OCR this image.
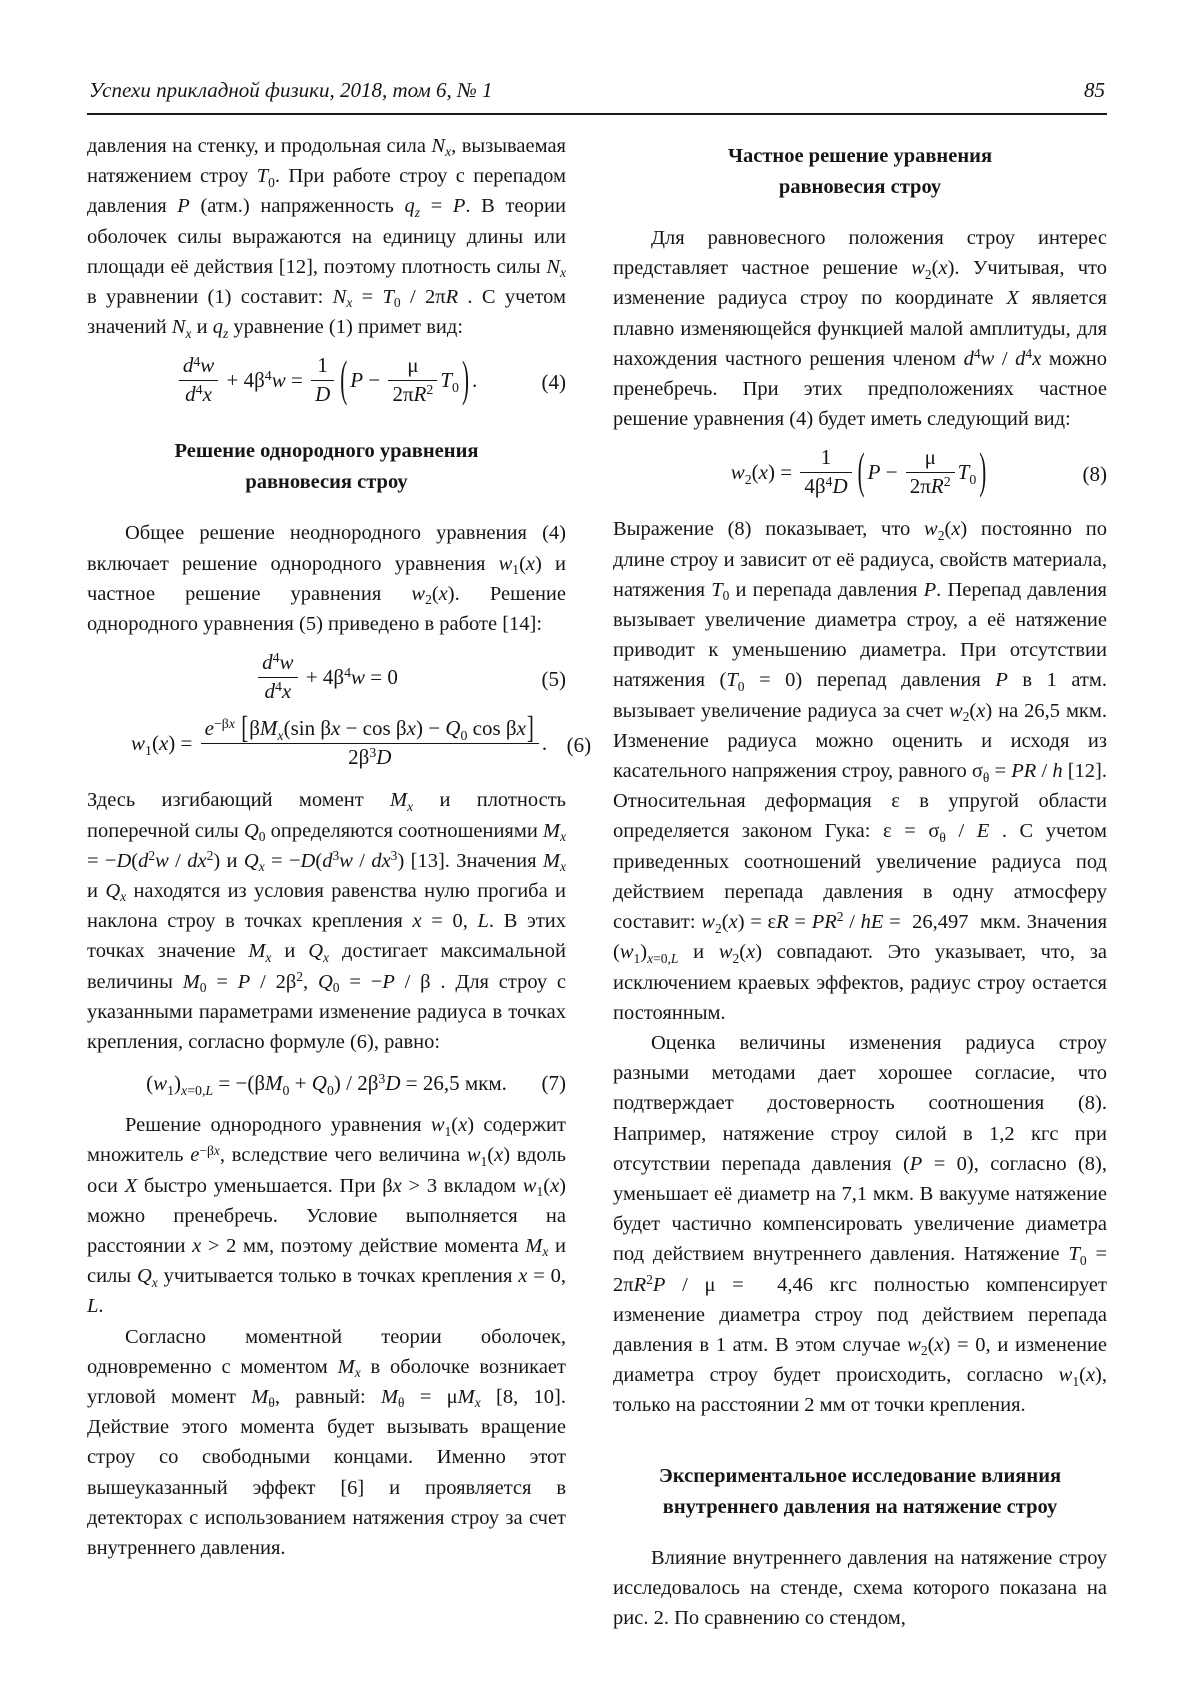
Успехи прикладной физики, 2018, том 6, № 1	85

давления на стенку, и продольная сила $N_x$, вызываемая натяжением строу $T_0$. При работе строу с перепадом давления P (атм.) напряженность $q_z = P$. В теории оболочек силы выражаются на единицу длины или площади её действия [12], поэтому плотность силы $N_x$ в уравнении (1) составит: $N_x = T_0 / 2\pi R$ . С учетом значений $N_x$ и $q_z$ уравнение (1) примет вид:

$\frac{d^4w}{d^4x} + 4\beta^4w = \frac{1}{D}$ ( $P - \frac{\mu}{2\pi R^2} T_0$ ) .	(4)
Решение однородного уравнения
равновесия строу

Общее решение неоднородного уравнения (4) включает решение однородного уравнения $w_1(x)$ и частное решение уравнения $w_2(x)$. Решение однородного уравнения (5) приведено в работе [14]:

$\frac{d^4w}{d^4x} + 4\beta^4w = 0$	(5)
$w_1(x)$ =
$e^{-\beta x}$ [$\beta M_x(\sin$ $\beta x - \cos \beta x) - Q_0$ cos βx]
$2\beta^3D$
. (6)

Здесь изгибающий момент $M_x$ и плотность поперечной силы $Q_0$ определяются соотношениями $M_x = -D(d^2w / dx^2)$ и $Q_x = -D(d^3w / dx^3)$ [13]. Значения $M_x$ и $Q_x$ находятся из условия равенства нулю прогиба и наклона строу в точках крепления x = 0, L. В этих точках значение $M_x$ и $Q_x$ достигает максимальной величины $M_0 = P / 2\beta^2$, $Q_0 = -P / \beta$ . Для строу с указанными параметрами изменение радиуса в точках крепления, согласно формуле (6), равно:

$(w_1)_{x=0,L} = -(\beta M_0 + Q_0) / 2\beta^3D = 26,5$ мкм.	(7)

Решение однородного уравнения $w_1(x)$ содержит множитель $e^{-\beta x}$, вследствие чего величина $w_1(x)$ вдоль оси X быстро уменьшается. При βx > 3 вкладом $w_1(x)$ можно пренебречь. Условие выполняется на расстоянии x > 2 мм, поэтому действие момента $M_x$ и силы $Q_x$ учитывается только в точках крепления x = 0, L.

Согласно моментной теории оболочек, одновременно с моментом $M_x$ в оболочке возникает угловой момент $M_\theta$, равный: $M_\theta = \mu M_x$ [8, 10]. Действие этого момента будет вызывать вращение строу со свободными концами. Именно этот вышеуказанный эффект [6] и проявляется в детекторах с использованием натяжения строу за счет внутреннего давления.

Частное решение уравнения
равновесия строу

Для равновесного положения строу интерес представляет частное решение $w_2(x)$. Учитывая, что изменение радиуса строу по координате X является плавно изменяющейся функцией малой амплитуды, для нахождения частного решения членом $d^4w / d^4x$ можно пренебречь. При этих предположениях частное решение уравнения (4) будет иметь следующий вид:

$w_2(x) = \frac{1}{4\beta^4D}$ ( $P - \frac{\mu}{2\pi R^2} T_0$ )	(8)

Выражение (8) показывает, что $w_2(x)$ постоянно по длине строу и зависит от её радиуса, свойств материала, натяжения $T_0$ и перепада давления P. Перепад давления вызывает увеличение диаметра строу, а её натяжение приводит к уменьшению диаметра. При отсутствии натяжения $(T_0 = 0)$ перепад давления P в 1 атм. вызывает увеличение радиуса за счет $w_2(x)$ на 26,5 мкм. Изменение радиуса можно оценить и исходя из касательного напряжения строу, равного $\sigma_\theta$ = PR / h [12]. Относительная деформация ε в упругой области определяется законом Гука: $\varepsilon = \sigma_\theta / E$ . С учетом приведенных соотношений увеличение радиуса под действием перепада давления в одну атмосферу составит: $w_2(x) = \varepsilon R = PR^2$ / hE =  26,497  мкм. Значения $(w_1)_{x=0,L}$ и $w_2(x)$ совпадают. Это указывает, что, за исключением краевых эффектов, радиус строу остается постоянным.

Оценка величины изменения радиуса строу разными методами дает хорошее согласие, что подтверждает достоверность соотношения (8). Например, натяжение строу силой в 1,2 кгс при отсутствии перепада давления (P = 0), согласно (8), уменьшает её диаметр на 7,1 мкм. В вакууме натяжение будет частично компенсировать увеличение диаметра под действием внутреннего давления. Натяжение $T_0 = 2\pi R^2P / \mu = 4,46$ кгс полностью компенсирует изменение диаметра строу под действием перепада давления в 1 атм. В этом случае $w_2(x) = 0$, и изменение диаметра строу будет происходить, согласно $w_1(x)$, только на расстоянии 2 мм от точки крепления.

Экспериментальное исследование влияния
внутреннего давления на натяжение строу

Влияние внутреннего давления на натяжение строу исследовалось на стенде, схема которого показана на рис. 2. По сравнению со стендом,
